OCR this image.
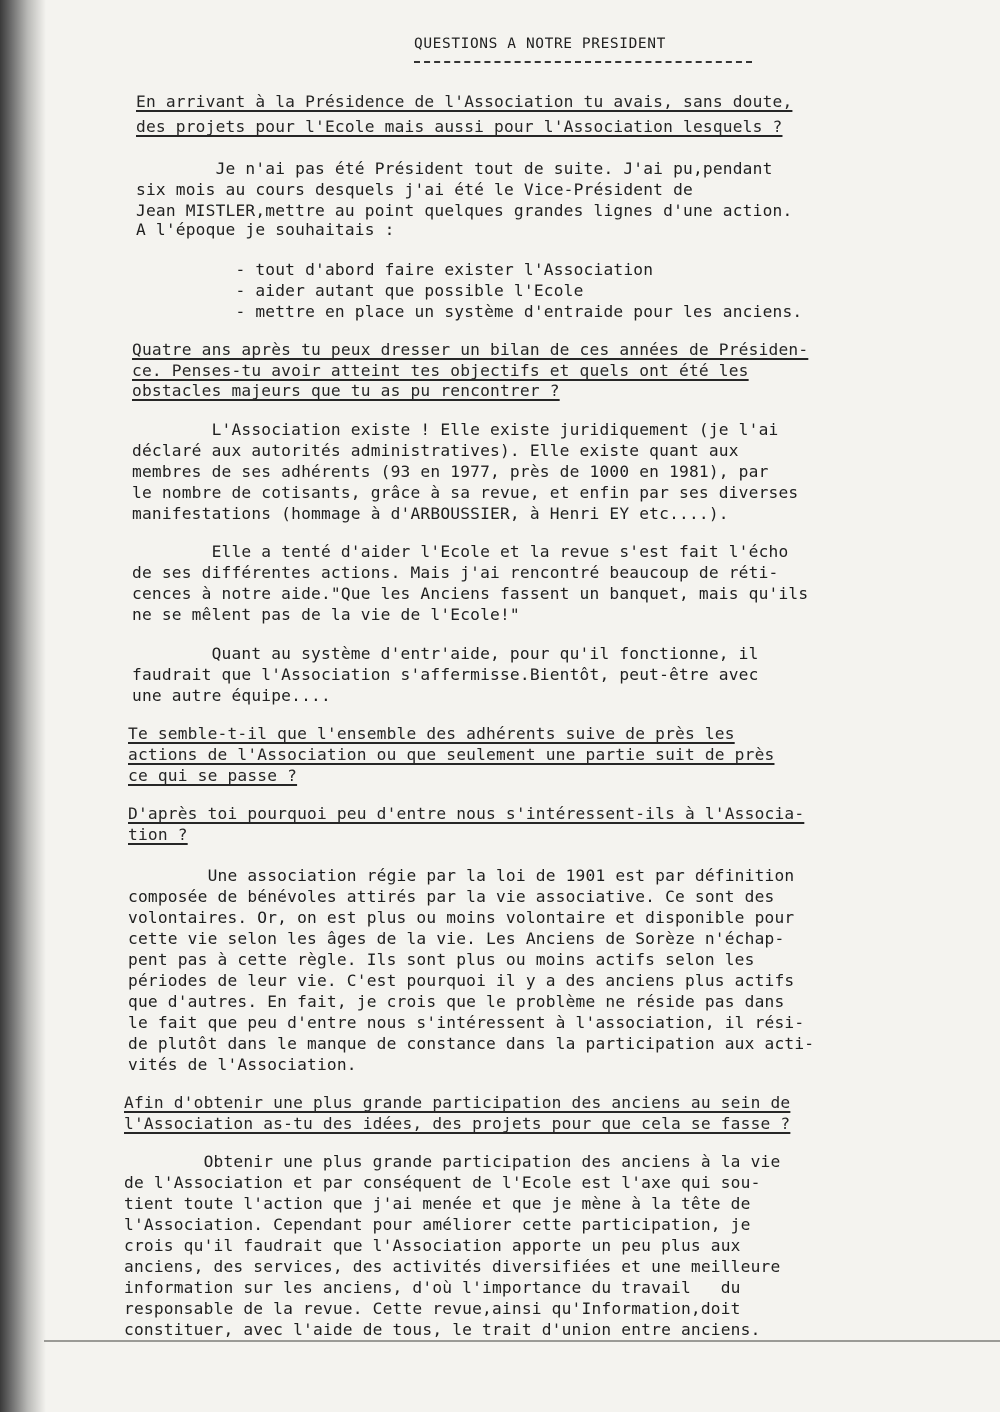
QUESTIONS A NOTRE PRESIDENT
En arrivant à la Présidence de l'Association tu avais, sans doute,
des projets pour l'Ecole mais aussi pour l'Association lesquels ?
Je n'ai pas été Président tout de suite. J'ai pu,pendant
six mois au cours desquels j'ai été le Vice-Président de
Jean MISTLER,mettre au point quelques grandes lignes d'une action.
A l'époque je souhaitais :
- tout d'abord faire exister l'Association
- aider autant que possible l'Ecole
- mettre en place un système d'entraide pour les anciens.
Quatre ans après tu peux dresser un bilan de ces années de Présiden-
ce. Penses-tu avoir atteint tes objectifs et quels ont été les
obstacles majeurs que tu as pu rencontrer ?
L'Association existe ! Elle existe juridiquement (je l'ai
déclaré aux autorités administratives). Elle existe quant aux
membres de ses adhérents (93 en 1977, près de 1000 en 1981), par
le nombre de cotisants, grâce à sa revue, et enfin par ses diverses
manifestations (hommage à d'ARBOUSSIER, à Henri EY etc....).
Elle a tenté d'aider l'Ecole et la revue s'est fait l'écho
de ses différentes actions. Mais j'ai rencontré beaucoup de réti-
cences à notre aide."Que les Anciens fassent un banquet, mais qu'ils
ne se mêlent pas de la vie de l'Ecole!"
Quant au système d'entr'aide, pour qu'il fonctionne, il
faudrait que l'Association s'affermisse.Bientôt, peut-être avec
une autre équipe....
Te semble-t-il que l'ensemble des adhérents suive de près les
actions de l'Association ou que seulement une partie suit de près
ce qui se passe ?
D'après toi pourquoi peu d'entre nous s'intéressent-ils à l'Associa-
tion ?
Une association régie par la loi de 1901 est par définition
composée de bénévoles attirés par la vie associative. Ce sont des
volontaires. Or, on est plus ou moins volontaire et disponible pour
cette vie selon les âges de la vie. Les Anciens de Sorèze n'échap-
pent pas à cette règle. Ils sont plus ou moins actifs selon les
périodes de leur vie. C'est pourquoi il y a des anciens plus actifs
que d'autres. En fait, je crois que le problème ne réside pas dans
le fait que peu d'entre nous s'intéressent à l'association, il rési-
de plutôt dans le manque de constance dans la participation aux acti-
vités de l'Association.
Afin d'obtenir une plus grande participation des anciens au sein de
l'Association as-tu des idées, des projets pour que cela se fasse ?
Obtenir une plus grande participation des anciens à la vie
de l'Association et par conséquent de l'Ecole est l'axe qui sou-
tient toute l'action que j'ai menée et que je mène à la tête de
l'Association. Cependant pour améliorer cette participation, je
crois qu'il faudrait que l'Association apporte un peu plus aux
anciens, des services, des activités diversifiées et une meilleure
information sur les anciens, d'où l'importance du travail   du
responsable de la revue. Cette revue,ainsi qu'Information,doit
constituer, avec l'aide de tous, le trait d'union entre anciens.
